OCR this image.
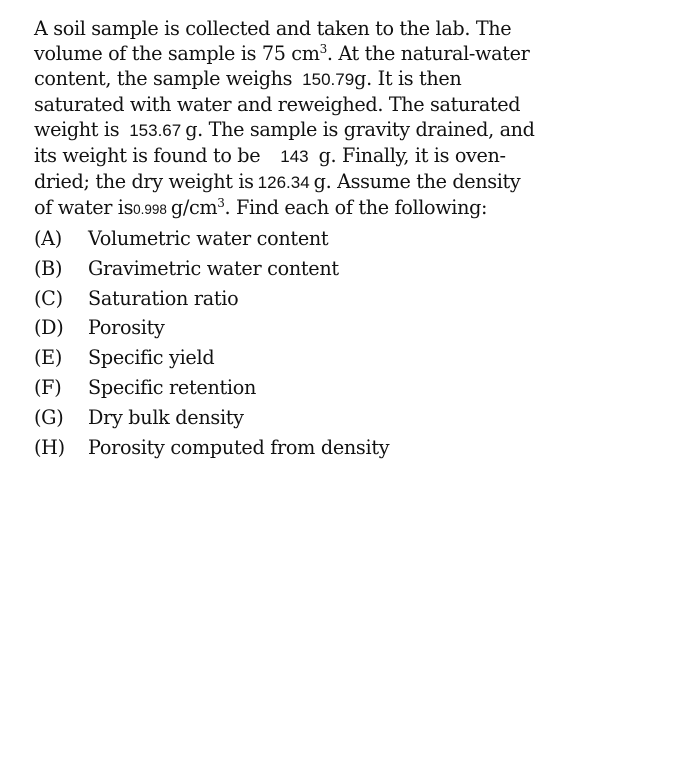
A soil sample is collected and taken to the lab. The
volume of the sample is 75 $cm^3$. At the natural-water
content, the sample weighs 150.79g. It is then
saturated with water and reweighed. The saturated
weight is 153.67 g. The sample is gravity drained, and
its weight is found to be 143 g. Finally, it is oven-
dried; the dry weight is 126.34 g. Assume the density
of water is0.998 $g/cm^3$. Find each of the following:

(A) Volumetric water content
(B) Gravimetric water content
(C) Saturation ratio
(D) Porosity
(E) Specific yield
(F) Specific retention
(G) Dry bulk density
(H) Porosity computed from density
